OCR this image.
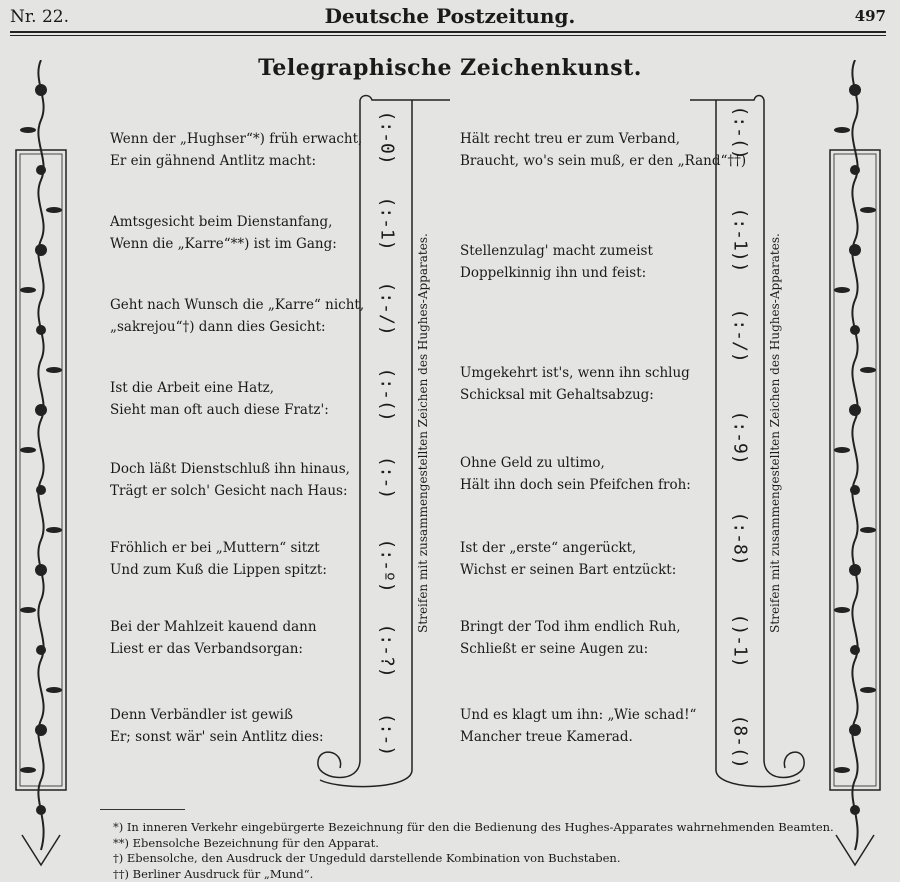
Nr. 22.	Deutsche Postzeitung.	497
Telegraphische Zeichenkunst.
Wenn der „Hughser“*) früh erwacht,
Er ein gähnend Antlitz macht:
Amtsgesicht beim Dienstanfang,
Wenn die „Karre“**) ist im Gang:
Geht nach Wunsch die „Karre“ nicht,
„sakrejou“†) dann dies Gesicht:
Ist die Arbeit eine Hatz,
Sieht man oft auch diese Fratz':
Doch läßt Dienstschluß ihn hinaus,
Trägt er solch' Gesicht nach Haus:
Fröhlich er bei „Muttern“ sitzt
Und zum Kuß die Lippen spitzt:
Bei der Mahlzeit kauend dann
Liest er das Verbandsorgan:
Denn Verbändler ist gewiß
Er; sonst wär' sein Antlitz dies:
(:-0)
(:-1)
(:-/)
(:-()
(:-)
(:-º)
(:-?)
(:-)
Streifen mit zusammengestellten Zeichen des Hughes-Apparates.
Hält recht treu er zum Verband,
Braucht, wo's sein muß, er den „Rand“††)
Stellenzulag' macht zumeist
Doppelkinnig ihn und feist:
Umgekehrt ist's, wenn ihn schlug
Schicksal mit Gehaltsabzug:
Ohne Geld zu ultimo,
Hält ihn doch sein Pfeifchen froh:
Ist der „erste“ angerückt,
Wichst er seinen Bart entzückt:
Bringt der Tod ihm endlich Ruh,
Schließt er seine Augen zu:
Und es klagt um ihn: „Wie schad!“
Mancher treue Kamerad.
(:-()
(:-1))
(:-/)
(:-9)
(:-8)
()-1)
(8-()
Streifen mit zusammengestellten Zeichen des Hughes-Apparates.
*) In inneren Verkehr eingebürgerte Bezeichnung für den die Bedienung des Hughes-Apparates wahrnehmenden Beamten.
**) Ebensolche Bezeichnung für den Apparat.
†) Ebensolche, den Ausdruck der Ungeduld darstellende Kombination von Buchstaben.
††) Berliner Ausdruck für „Mund“.
